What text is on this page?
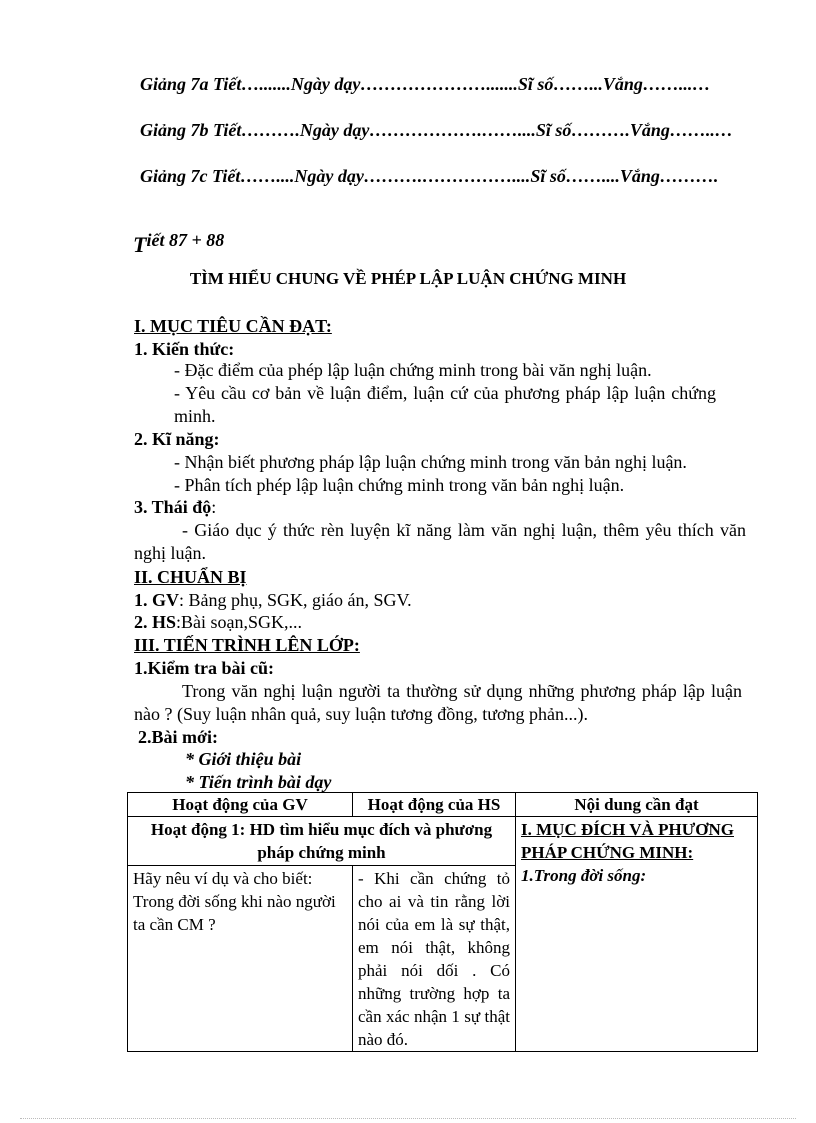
Giảng 7a Tiết….......Ngày dạy………………….......Sĩ số……...Vắng……...…
Giảng 7b Tiết……….Ngày dạy……………….……....Sĩ số……….Vắng……..…
Giảng 7c Tiết……....Ngày dạy……….……………....Sĩ số……....Vắng……….
Tiết 87 + 88
TÌM HIỂU CHUNG VỀ PHÉP LẬP LUẬN CHỨNG MINH
I. MỤC TIÊU CẦN ĐẠT:
1. Kiến thức:
- Đặc điểm của phép lập luận chứng minh trong bài văn nghị luận.
- Yêu cầu cơ bản về luận điểm, luận cứ của phương pháp lập luận chứng
minh.
2. Kĩ năng:
- Nhận biết phương pháp lập luận chứng minh trong văn bản nghị luận.
- Phân tích phép lập luận chứng minh trong văn bản nghị luận.
3. Thái độ:
- Giáo dục ý thức rèn luyện kĩ năng làm văn nghị luận, thêm yêu thích văn
nghị luận.
II. CHUẨN BỊ
1. GV: Bảng phụ, SGK, giáo án, SGV.
2. HS:Bài soạn,SGK,...
III. TIẾN TRÌNH LÊN LỚP:
1.Kiểm tra bài cũ:
Trong văn nghị luận người ta thường sử dụng những phương pháp lập luận
nào ? (Suy luận nhân quả, suy luận tương đồng, tương phản...).
2.Bài mới:
* Giới thiệu bài
* Tiến trình bài dạy
Hoạt động của GV	Hoạt động của HS	Nội dung cần đạt
Hoạt động 1: HD tìm hiểu mục đích và phương pháp chứng minh		I. MỤC ĐÍCH VÀ PHƯƠNG PHÁP CHỨNG MINH:
1.Trong đời sống:

Hãy nêu ví dụ và cho biết: Trong đời sống khi nào người ta cần CM ?	- Khi cần chứng tỏ cho ai và tin rằng lời nói của em là sự thật, em nói thật, không phải nói dối . Có những trường hợp ta cần xác nhận 1 sự thật nào đó.	
